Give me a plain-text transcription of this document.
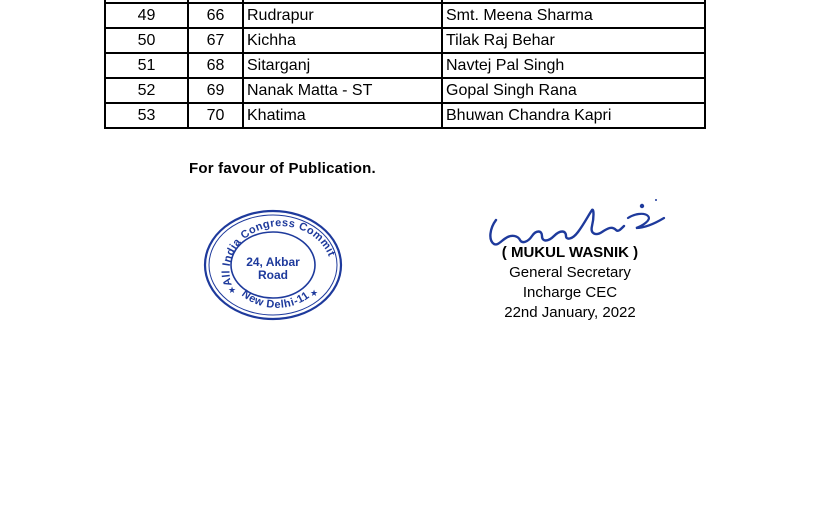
49	66	Rudrapur	Smt. Meena Sharma
50	67	Kichha	Tilak Raj Behar
51	68	Sitarganj	Navtej Pal Singh
52	69	Nanak Matta - ST	Gopal Singh Rana
53	70	Khatima	Bhuwan Chandra Kapri
For favour of Publication.
All India Congress Commit
New Delhi-11
★	★
24, Akbar
Road
( MUKUL WASNIK )
General Secretary
Incharge CEC
22nd January, 2022
